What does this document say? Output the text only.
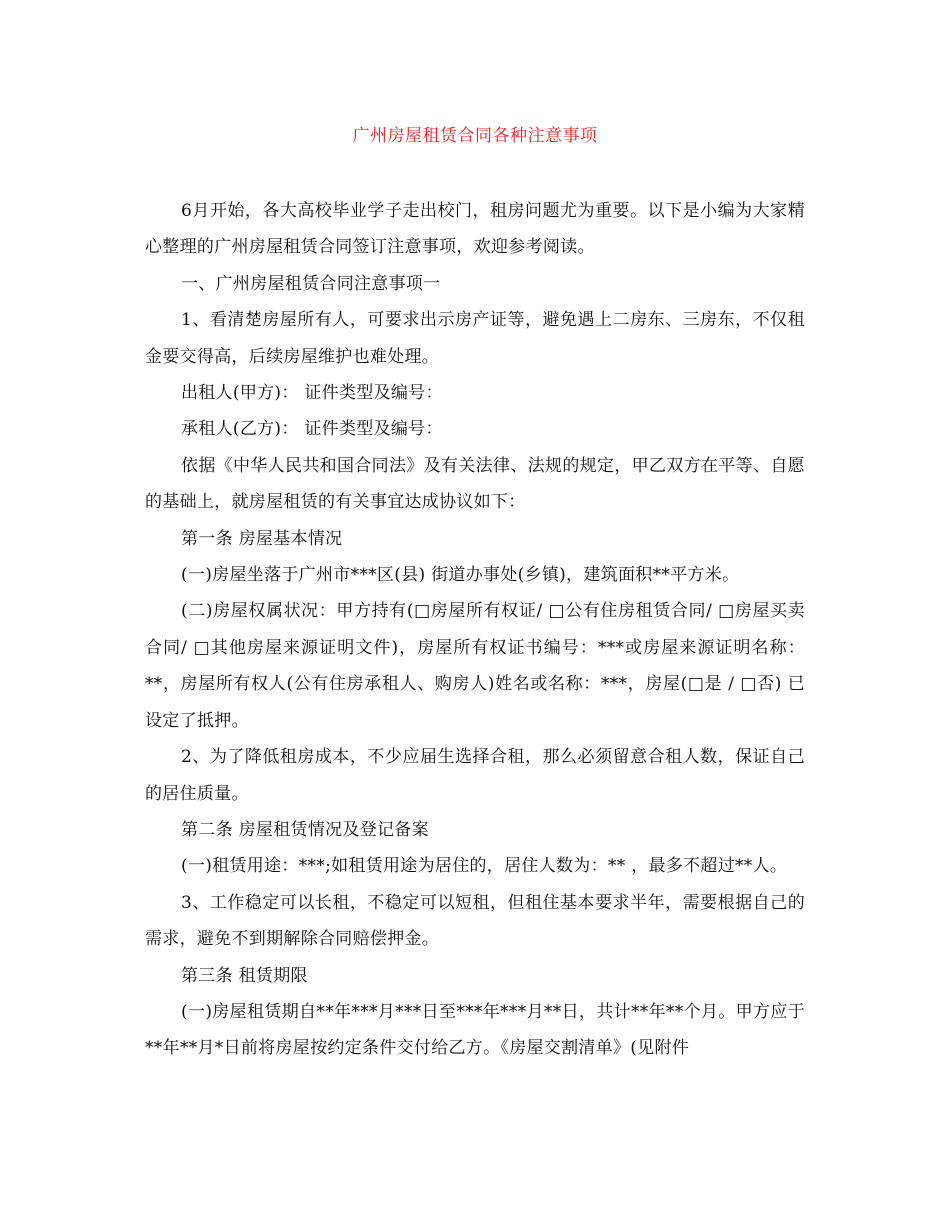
广州房屋租赁合同各种注意事项

6月开始，各大高校毕业学子走出校门，租房问题尤为重要。以下是小编为大家精心整理的广州房屋租赁合同签订注意事项，欢迎参考阅读。

一、广州房屋租赁合同注意事项一

1、看清楚房屋所有人，可要求出示房产证等，避免遇上二房东、三房东，不仅租金要交得高，后续房屋维护也难处理。

出租人(甲方)： 证件类型及编号：

承租人(乙方)： 证件类型及编号：

依据《中华人民共和国合同法》及有关法律、法规的规定，甲乙双方在平等、自愿的基础上，就房屋租赁的有关事宜达成协议如下：

第一条 房屋基本情况

(一)房屋坐落于广州市***区(县) 街道办事处(乡镇)，建筑面积**平方米。

(二)房屋权属状况：甲方持有(□房屋所有权证/ □公有住房租赁合同/ □房屋买卖合同/ □其他房屋来源证明文件)，房屋所有权证书编号：***或房屋来源证明名称：**，房屋所有权人(公有住房承租人、购房人)姓名或名称：***，房屋(□是 / □否) 已设定了抵押。

2、为了降低租房成本，不少应届生选择合租，那么必须留意合租人数，保证自己的居住质量。

第二条 房屋租赁情况及登记备案

(一)租赁用途：***;如租赁用途为居住的，居住人数为：** ，最多不超过**人。

3、工作稳定可以长租，不稳定可以短租，但租住基本要求半年，需要根据自己的需求，避免不到期解除合同赔偿押金。

第三条 租赁期限

(一)房屋租赁期自**年***月***日至***年***月**日，共计**年**个月。甲方应于**年**月*日前将房屋按约定条件交付给乙方。《房屋交割清单》(见附件
